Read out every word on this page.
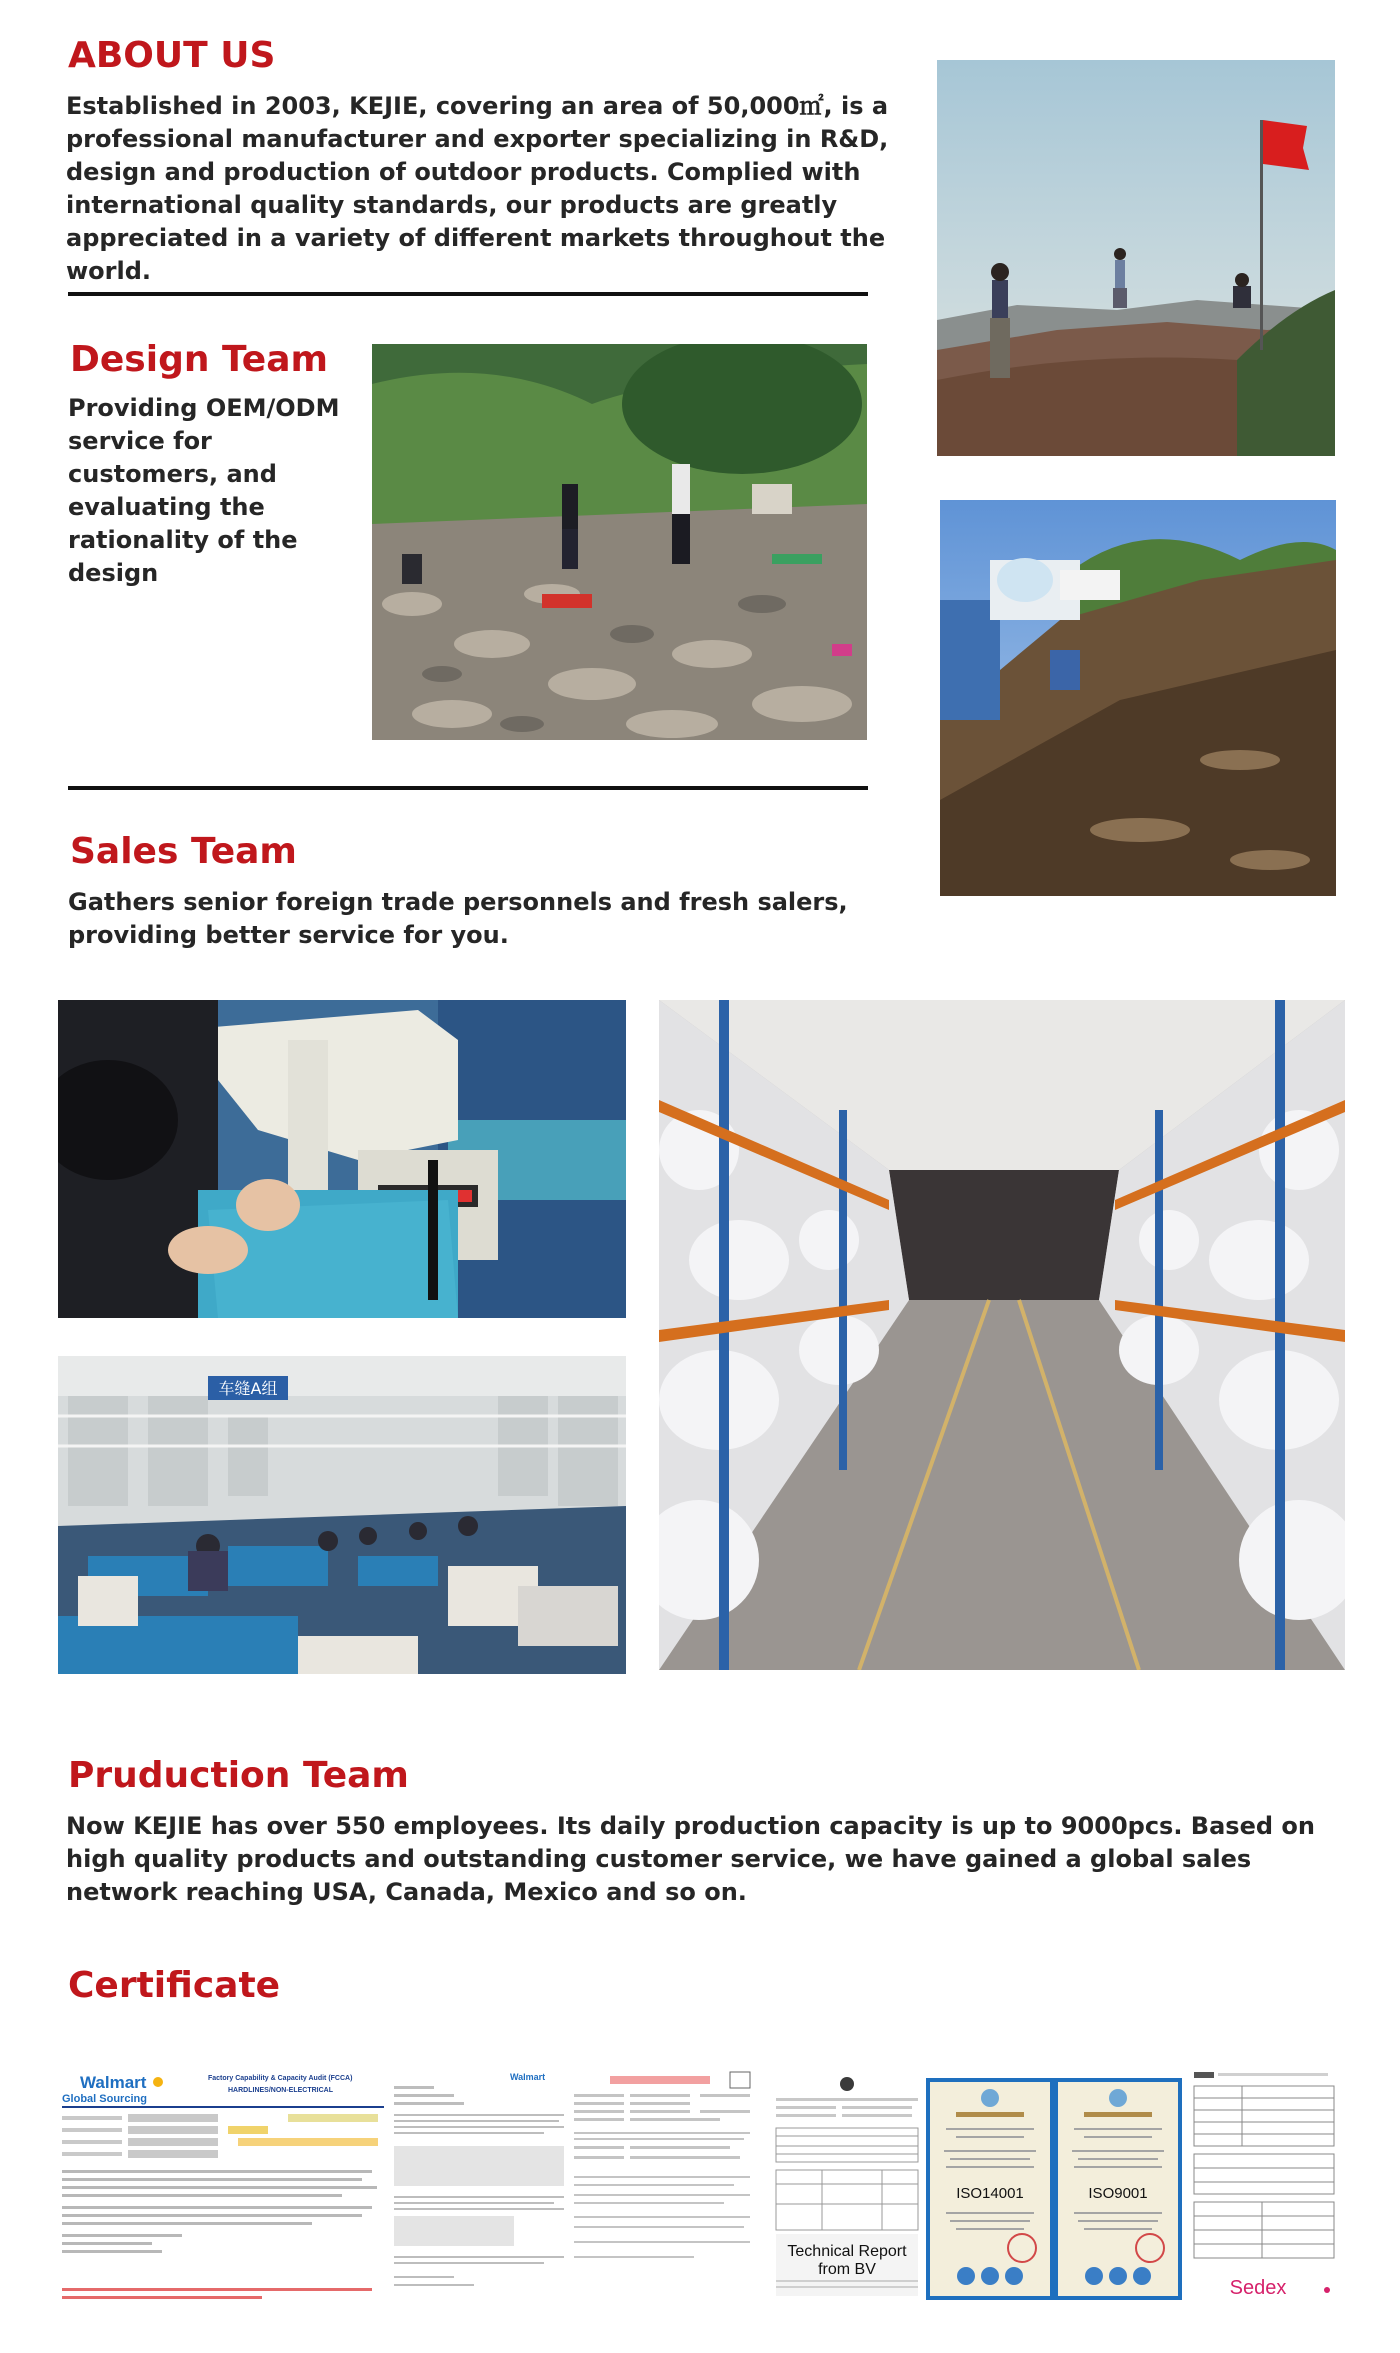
ABOUT US
Established in 2003, KEJIE, covering an area of 50,000㎡, is a professional manufacturer and exporter specializing in R&D, design and production of outdoor products. Complied with international quality standards, our products are greatly appreciated in a variety of different markets throughout the world.
Design Team
Providing OEM/ODM service for customers, and evaluating the rationality of the design
Sales Team
Gathers senior foreign trade personnels and fresh salers, providing better service for you.
车缝A组
Pruduction Team
Now KEJIE has over 550 employees. Its daily production capacity is up to 9000pcs. Based on high quality products and outstanding customer service, we have gained a global sales network reaching USA, Canada, Mexico and so on.
Certificate
Walmart
Global Sourcing
Factory Capability & Capacity Audit (FCCA)
HARDLINES/NON-ELECTRICAL
Walmart
Technical Report
from BV
ISO14001	ISO9001
Sedex
